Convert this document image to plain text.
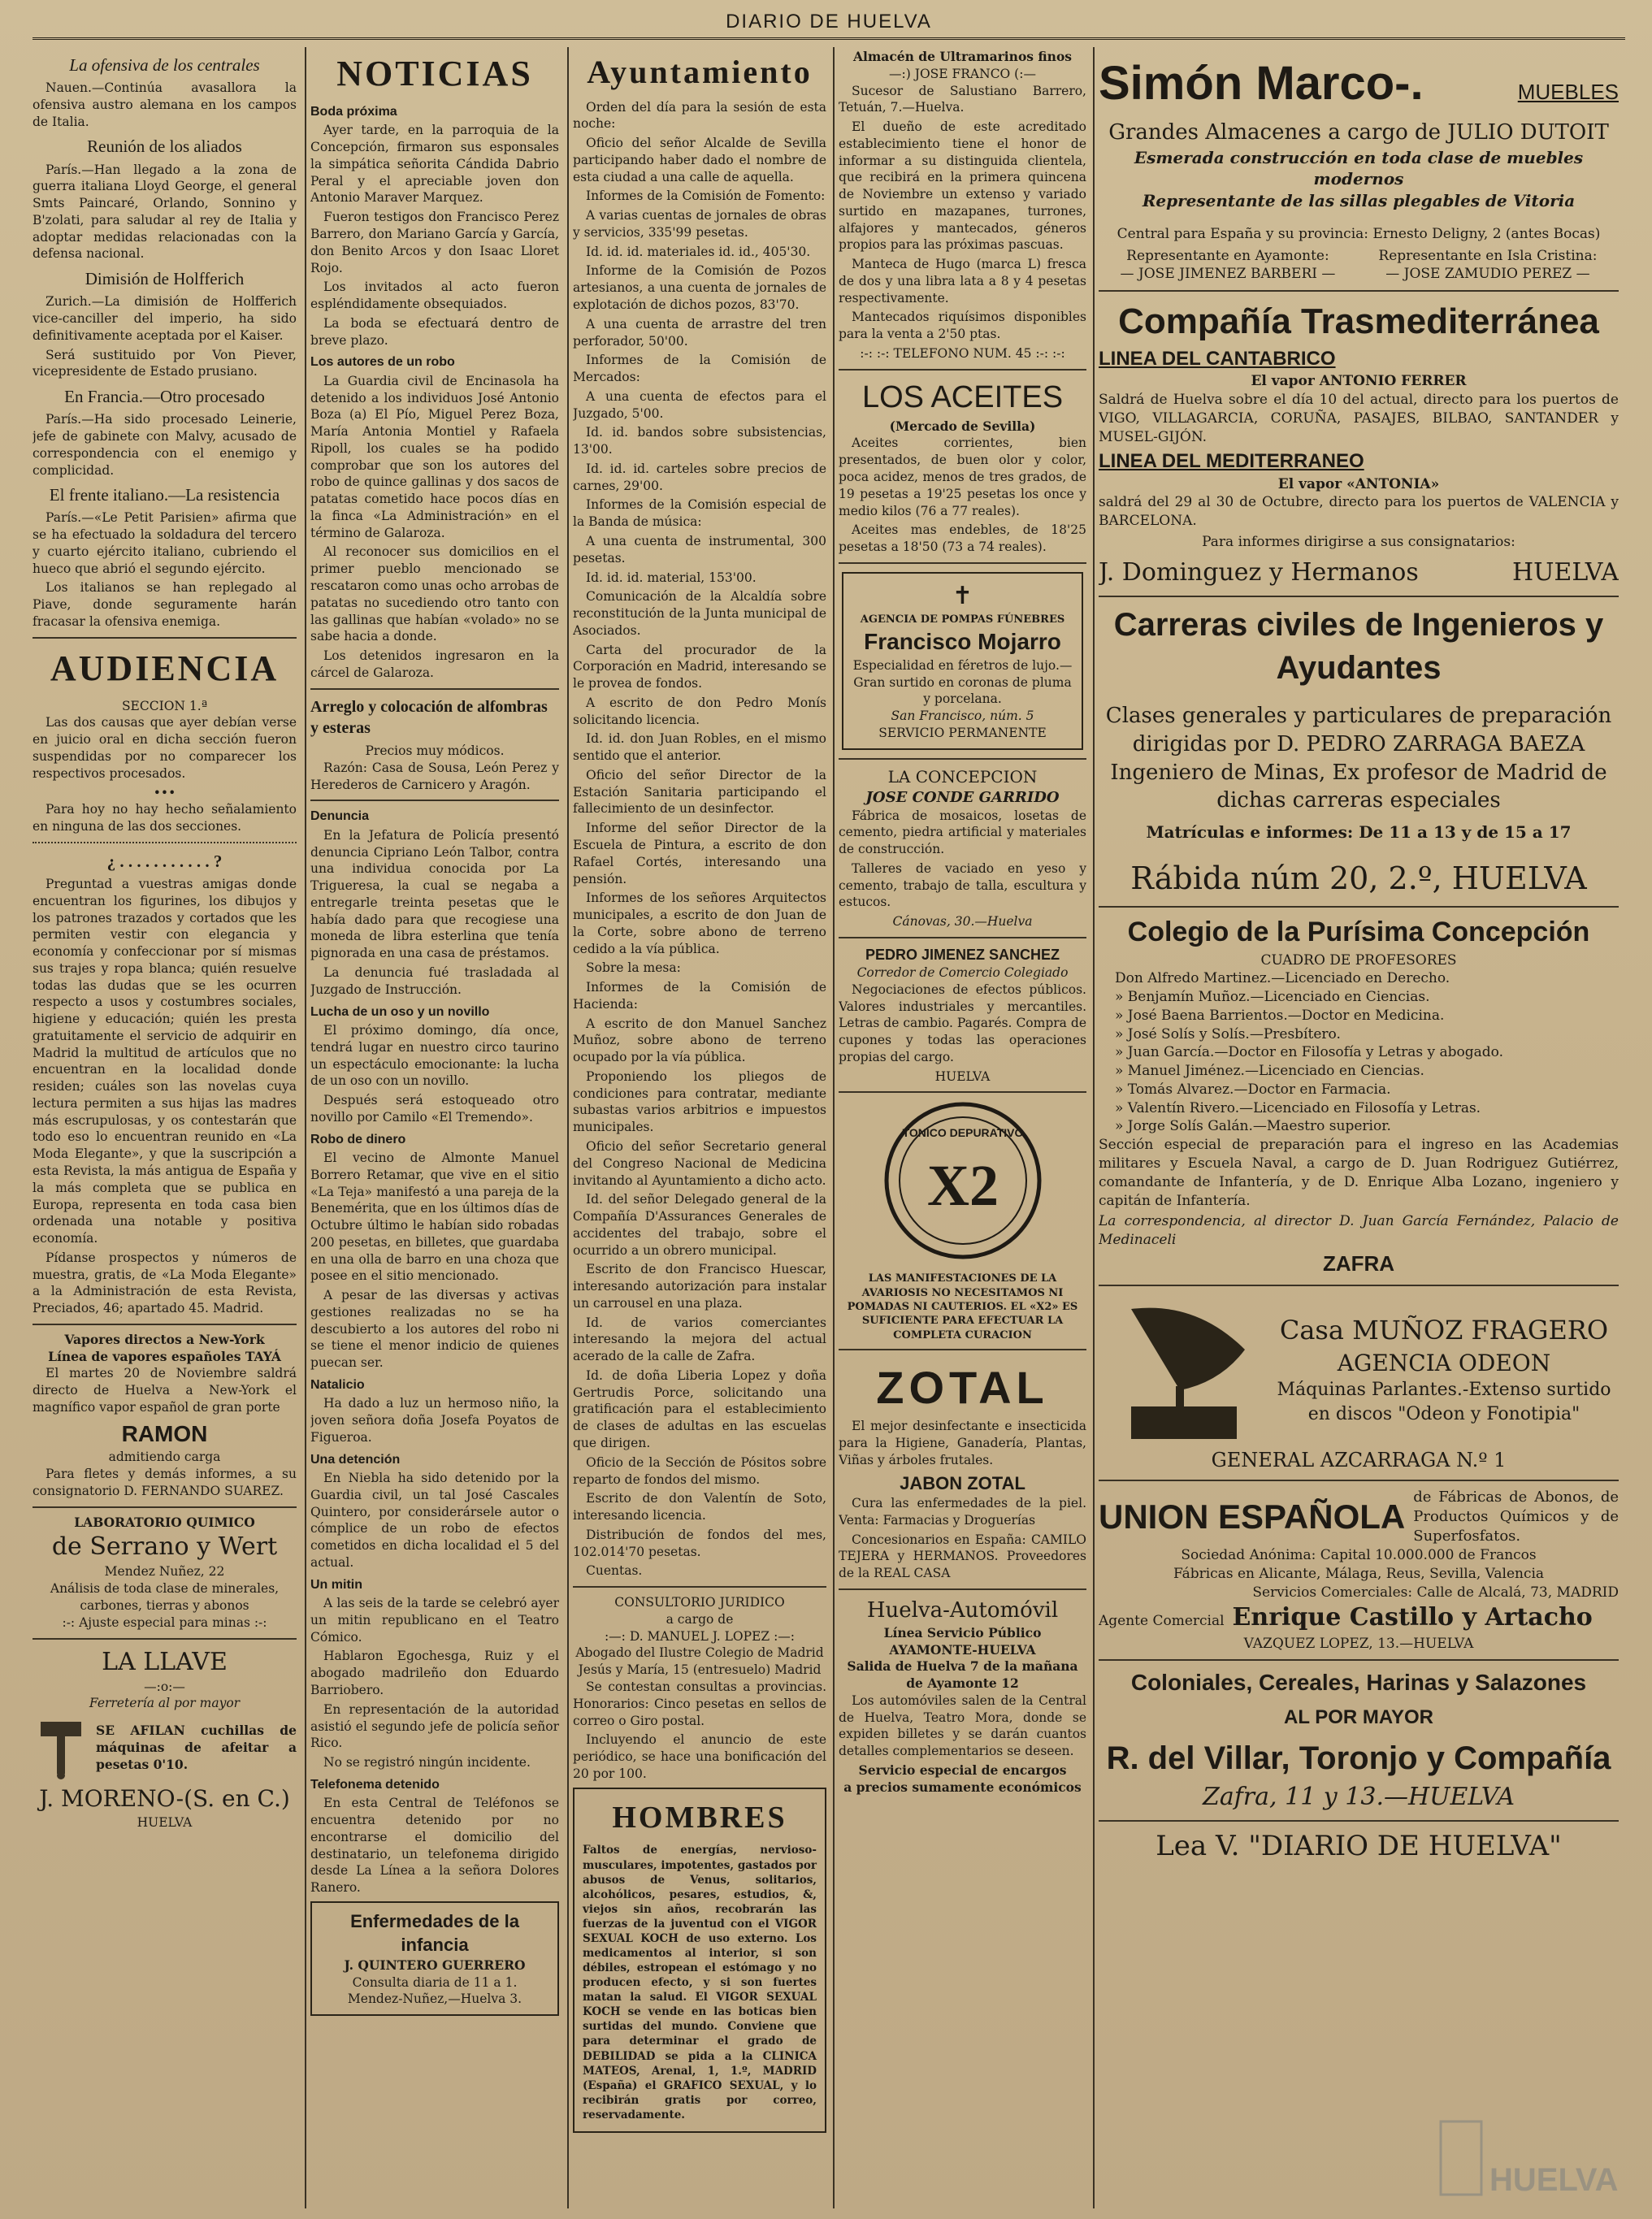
DIARIO DE HUELVA
La ofensiva de los centrales

Nauen.—Continúa avasallora la ofensiva austro alemana en los campos de Italia.

Reunión de los aliados

París.—Han llegado a la zona de guerra italiana Lloyd George, el general Smts Paincaré, Orlando, Sonnino y B'zolati, para saludar al rey de Italia y adoptar medidas relacionadas con la defensa nacional.

Dimisión de Holfferich

Zurich.—La dimisión de Holfferich vice-canciller del imperio, ha sido definitivamente aceptada por el Kaiser.

Será sustituido por Von Piever, vicepresidente de Estado prusiano.

En Francia.—Otro procesado

París.—Ha sido procesado Leinerie, jefe de gabinete con Malvy, acusado de correspondencia con el enemigo y complicidad.

El frente italiano.—La resistencia

París.—«Le Petit Parisien» afirma que se ha efectuado la soldadura del tercero y cuarto ejército italiano, cubriendo el hueco que abrió el segundo ejército.

Los italianos se han replegado al Piave, donde seguramente harán fracasar la ofensiva enemiga.

AUDIENCIA
SECCION 1.ª

Las dos causas que ayer debían verse en juicio oral en dicha sección fueron suspendidas por no comparecer los respectivos procesados.

•••

Para hoy no hay hecho señalamiento en ninguna de las dos secciones.

¿ . . . . . . . . . . . ?

Preguntad a vuestras amigas donde encuentran los figurines, los dibujos y los patrones trazados y cortados que les permiten vestir con elegancia y economía y confeccionar por sí mismas sus trajes y ropa blanca; quién resuelve todas las dudas que se les ocurren respecto a usos y costumbres sociales, higiene y educación; quién les presta gratuitamente el servicio de adquirir en Madrid la multitud de artículos que no encuentran en la localidad donde residen; cuáles son las novelas cuya lectura permiten a sus hijas las madres más escrupulosas, y os contestarán que todo eso lo encuentran reunido en «La Moda Elegante», y que la suscripción a esta Revista, la más antigua de España y la más completa que se publica en Europa, representa en toda casa bien ordenada una notable y positiva economía.

Pídanse prospectos y números de muestra, gratis, de «La Moda Elegante» a la Administración de esta Revista, Preciados, 46; apartado 45. Madrid.

Vapores directos a New-York
Línea de vapores españoles TAYÁ

El martes 20 de Noviembre saldrá directo de Huelva a New-York el magnífico vapor español de gran porte

RAMON
admitiendo carga

Para fletes y demás informes, a su consignatorio D. FERNANDO SUAREZ.

LABORATORIO QUIMICO
de Serrano y Wert
Mendez Nuñez, 22
Análisis de toda clase de minerales, carbones, tierras y abonos
:-: Ajuste especial para minas :-:
LA LLAVE
—:o:—
Ferretería al por mayor
SE AFILAN cuchillas de máquinas de afeitar a pesetas 0'10.
J. MORENO-(S. en C.)
HUELVA
NOTICIAS
Boda próxima

Ayer tarde, en la parroquia de la Concepción, firmaron sus esponsales la simpática señorita Cándida Dabrio Peral y el apreciable joven don Antonio Maraver Marquez.

Fueron testigos don Francisco Perez Barrero, don Mariano García y García, don Benito Arcos y don Isaac Lloret Rojo.

Los invitados al acto fueron espléndidamente obsequiados.

La boda se efectuará dentro de breve plazo.

Los autores de un robo

La Guardia civil de Encinasola ha detenido a los individuos José Antonio Boza (a) El Pío, Miguel Perez Boza, María Antonia Montiel y Rafaela Ripoll, los cuales se ha podido comprobar que son los autores del robo de quince gallinas y dos sacos de patatas cometido hace pocos días en la finca «La Administración» en el término de Galaroza.

Al reconocer sus domicilios en el primer pueblo mencionado se rescataron como unas ocho arrobas de patatas no sucediendo otro tanto con las gallinas que habían «volado» no se sabe hacia a donde.

Los detenidos ingresaron en la cárcel de Galaroza.

Arreglo y colocación de alfombras y esteras
Precios muy módicos.

Razón: Casa de Sousa, León Perez y Herederos de Carnicero y Aragón.

Denuncia

En la Jefatura de Policía presentó denuncia Cipriano León Talbor, contra una individua conocida por La Trigueresa, la cual se negaba a entregarle treinta pesetas que le había dado para que recogiese una moneda de libra esterlina que tenía pignorada en una casa de préstamos.

La denuncia fué trasladada al Juzgado de Instrucción.

Lucha de un oso y un novillo

El próximo domingo, día once, tendrá lugar en nuestro circo taurino un espectáculo emocionante: la lucha de un oso con un novillo.

Después será estoqueado otro novillo por Camilo «El Tremendo».

Robo de dinero

El vecino de Almonte Manuel Borrero Retamar, que vive en el sitio «La Teja» manifestó a una pareja de la Benemérita, que en los últimos días de Octubre último le habían sido robadas 200 pesetas, en billetes, que guardaba en una olla de barro en una choza que posee en el sitio mencionado.

A pesar de las diversas y activas gestiones realizadas no se ha descubierto a los autores del robo ni se tiene el menor indicio de quienes puecan ser.

Natalicio

Ha dado a luz un hermoso niño, la joven señora doña Josefa Poyatos de Figueroa.

Una detención

En Niebla ha sido detenido por la Guardia civil, un tal José Cascales Quintero, por considerársele autor o cómplice de un robo de efectos cometidos en dicha localidad el 5 del actual.

Un mitin

A las seis de la tarde se celebró ayer un mitin republicano en el Teatro Cómico.

Hablaron Egochesga, Ruiz y el abogado madrileño don Eduardo Barriobero.

En representación de la autoridad asistió el segundo jefe de policía señor Rico.

No se registró ningún incidente.

Telefonema detenido

En esta Central de Teléfonos se encuentra detenido por no encontrarse el domicilio del destinatario, un telefonema dirigido desde La Línea a la señora Dolores Ranero.

Enfermedades de la infancia
J. QUINTERO GUERRERO
Consulta diaria de 11 a 1.
Mendez-Nuñez,—Huelva 3.
Ayuntamiento

Orden del día para la sesión de esta noche:

Oficio del señor Alcalde de Sevilla participando haber dado el nombre de esta ciudad a una calle de aquella.

Informes de la Comisión de Fomento:

A varias cuentas de jornales de obras y servicios, 335'99 pesetas.

Id. id. id. materiales id. id., 405'30.

Informe de la Comisión de Pozos artesianos, a una cuenta de jornales de explotación de dichos pozos, 83'70.

A una cuenta de arrastre del tren perforador, 50'00.

Informes de la Comisión de Mercados:

A una cuenta de efectos para el Juzgado, 5'00.

Id. id. bandos sobre subsistencias, 13'00.

Id. id. id. carteles sobre precios de carnes, 29'00.

Informes de la Comisión especial de la Banda de música:

A una cuenta de instrumental, 300 pesetas.

Id. id. id. material, 153'00.

Comunicación de la Alcaldía sobre reconstitución de la Junta municipal de Asociados.

Carta del procurador de la Corporación en Madrid, interesando se le provea de fondos.

A escrito de don Pedro Monís solicitando licencia.

Id. id. don Juan Robles, en el mismo sentido que el anterior.

Oficio del señor Director de la Estación Sanitaria participando el fallecimiento de un desinfector.

Informe del señor Director de la Escuela de Pintura, a escrito de don Rafael Cortés, interesando una pensión.

Informes de los señores Arquitectos municipales, a escrito de don Juan de la Corte, sobre abono de terreno cedido a la vía pública.

Sobre la mesa:

Informes de la Comisión de Hacienda:

A escrito de don Manuel Sanchez Muñoz, sobre abono de terreno ocupado por la vía pública.

Proponiendo los pliegos de condiciones para contratar, mediante subastas varios arbitrios e impuestos municipales.

Oficio del señor Secretario general del Congreso Nacional de Medicina invitando al Ayuntamiento a dicho acto.

Id. del señor Delegado general de la Compañía D'Assurances Generales de accidentes del trabajo, sobre el ocurrido a un obrero municipal.

Escrito de don Francisco Huescar, interesando autorización para instalar un carrousel en una plaza.

Id. de varios comerciantes interesando la mejora del actual acerado de la calle de Zafra.

Id. de doña Liberia Lopez y doña Gertrudis Porce, solicitando una gratificación para el establecimiento de clases de adultas en las escuelas que dirigen.

Oficio de la Sección de Pósitos sobre reparto de fondos del mismo.

Escrito de don Valentín de Soto, interesando licencia.

Distribución de fondos del mes, 102.014'70 pesetas.

Cuentas.

CONSULTORIO JURIDICO
a cargo de
:—: D. MANUEL J. LOPEZ :—:
Abogado del Ilustre Colegio de Madrid Jesús y María, 15 (entresuelo) Madrid

Se contestan consultas a provincias. Honorarios: Cinco pesetas en sellos de correo o Giro postal.

Incluyendo el anuncio de este periódico, se hace una bonificación del 20 por 100.

HOMBRES

Faltos de energías, nervioso-musculares, impotentes, gastados por abusos de Venus, solitarios, alcohólicos, pesares, estudios, &, viejos sin años, recobrarán las fuerzas de la juventud con el VIGOR SEXUAL KOCH de uso externo. Los medicamentos al interior, si son débiles, estropean el estómago y no producen efecto, y si son fuertes matan la salud. El VIGOR SEXUAL KOCH se vende en las boticas bien surtidas del mundo. Conviene que para determinar el grado de DEBILIDAD se pida a la CLINICA MATEOS, Arenal, 1, 1.º, MADRID (España) el GRAFICO SEXUAL, y lo recibirán gratis por correo, reservadamente.

Almacén de Ultramarinos finos
—:) JOSE FRANCO (:—

Sucesor de Salustiano Barrero, Tetuán, 7.—Huelva.

El dueño de este acreditado establecimiento tiene el honor de informar a su distinguida clientela, que recibirá en la primera quincena de Noviembre un extenso y variado surtido en mazapanes, turrones, alfajores y mantecados, géneros propios para las próximas pascuas.

Manteca de Hugo (marca L) fresca de dos y una libra lata a 8 y 4 pesetas respectivamente.

Mantecados riquísimos disponibles para la venta a 2'50 ptas.

:-: :-: TELEFONO NUM. 45 :-: :-:
LOS ACEITES
(Mercado de Sevilla)

Aceites corrientes, bien presentados, de buen olor y color, poca acidez, menos de tres grados, de 19 pesetas a 19'25 pesetas los once y medio kilos (76 a 77 reales).

Aceites mas endebles, de 18'25 pesetas a 18'50 (73 a 74 reales).

✝
AGENCIA DE POMPAS FÚNEBRES
Francisco Mojarro
Especialidad en féretros de lujo.—Gran surtido en coronas de pluma y porcelana.
San Francisco, núm. 5
SERVICIO PERMANENTE
LA CONCEPCION
JOSE CONDE GARRIDO

Fábrica de mosaicos, losetas de cemento, piedra artificial y materiales de construcción.

Talleres de vaciado en yeso y cemento, trabajo de talla, escultura y estucos.

Cánovas, 30.—Huelva
PEDRO JIMENEZ SANCHEZ
Corredor de Comercio Colegiado

Negociaciones de efectos públicos. Valores industriales y mercantiles. Letras de cambio. Pagarés. Compra de cupones y todas las operaciones propias del cargo.

HUELVA
TONICO DEPURATIVO
X2
LAS MANIFESTACIONES DE LA AVARIOSIS NO NECESITAMOS NI POMADAS NI CAUTERIOS. EL «X2» ES SUFICIENTE PARA EFECTUAR LA COMPLETA CURACION
ZOTAL

El mejor desinfectante e insecticida para la Higiene, Ganadería, Plantas, Viñas y árboles frutales.

JABON ZOTAL

Cura las enfermedades de la piel. Venta: Farmacias y Droguerías

Concesionarios en España: CAMILO TEJERA y HERMANOS. Proveedores de la REAL CASA

Huelva-Automóvil
Línea Servicio Público
AYAMONTE-HUELVA
Salida de Huelva 7 de la mañana de Ayamonte 12

Los automóviles salen de la Central de Huelva, Teatro Mora, donde se expiden billetes y se darán cuantos detalles complementarios se deseen.

Servicio especial de encargos
a precios sumamente económicos
Simón Marco-.	MUEBLES
Grandes Almacenes a cargo de JULIO DUTOIT
Esmerada construcción en toda clase de muebles modernos
Representante de las sillas plegables de Vitoria
Central para España y su provincia: Ernesto Deligny, 2 (antes Bocas)
Representante en Ayamonte:
— JOSE JIMENEZ BARBERI —
Representante en Isla Cristina:
— JOSE ZAMUDIO PEREZ —
Compañía Trasmediterránea
LINEA DEL CANTABRICO
El vapor ANTONIO FERRER

Saldrá de Huelva sobre el día 10 del actual, directo para los puertos de VIGO, VILLAGARCIA, CORUÑA, PASAJES, BILBAO, SANTANDER y MUSEL-GIJÓN.

LINEA DEL MEDITERRANEO
El vapor «ANTONIA»

saldrá del 29 al 30 de Octubre, directo para los puertos de VALENCIA y BARCELONA.

Para informes dirigirse a sus consignatarios:
J. Dominguez y Hermanos	HUELVA
Carreras civiles de Ingenieros y Ayudantes
Clases generales y particulares de preparación dirigidas por D. PEDRO ZARRAGA BAEZA
Ingeniero de Minas, Ex profesor de Madrid de dichas carreras especiales
Matrículas e informes: De 11 a 13 y de 15 a 17
Rábida núm 20, 2.º, HUELVA
Colegio de la Purísima Concepción
CUADRO DE PROFESORES
Don Alfredo Martinez.—Licenciado en Derecho.
» Benjamín Muñoz.—Licenciado en Ciencias.
» José Baena Barrientos.—Doctor en Medicina.
» José Solís y Solís.—Presbítero.
» Juan García.—Doctor en Filosofía y Letras y abogado.
» Manuel Jiménez.—Licenciado en Ciencias.
» Tomás Alvarez.—Doctor en Farmacia.
» Valentín Rivero.—Licenciado en Filosofía y Letras.
» Jorge Solís Galán.—Maestro superior.

Sección especial de preparación para el ingreso en las Academias militares y Escuela Naval, a cargo de D. Juan Rodriguez Gutiérrez, comandante de Infantería, y de D. Enrique Alba Lozano, ingeniero y capitán de Infantería.

La correspondencia, al director D. Juan García Fernández, Palacio de Medinaceli
ZAFRA
Casa MUÑOZ FRAGERO
AGENCIA ODEON
Máquinas Parlantes.-Extenso surtido en discos "Odeon y Fonotipia"
GENERAL AZCARRAGA N.º 1
UNION ESPAÑOLA
de Fábricas de Abonos, de Productos Químicos y de Superfosfatos.
Sociedad Anónima: Capital 10.000.000 de Francos
Fábricas en Alicante, Málaga, Reus, Sevilla, Valencia
Servicios Comerciales: Calle de Alcalá, 73, MADRID
Agente Comercial Enrique Castillo y Artacho
VAZQUEZ LOPEZ, 13.—HUELVA
Coloniales, Cereales, Harinas y Salazones
AL POR MAYOR
R. del Villar, Toronjo y Compañía
Zafra, 11 y 13.—HUELVA
Lea V. "DIARIO DE HUELVA"
HUELVA
